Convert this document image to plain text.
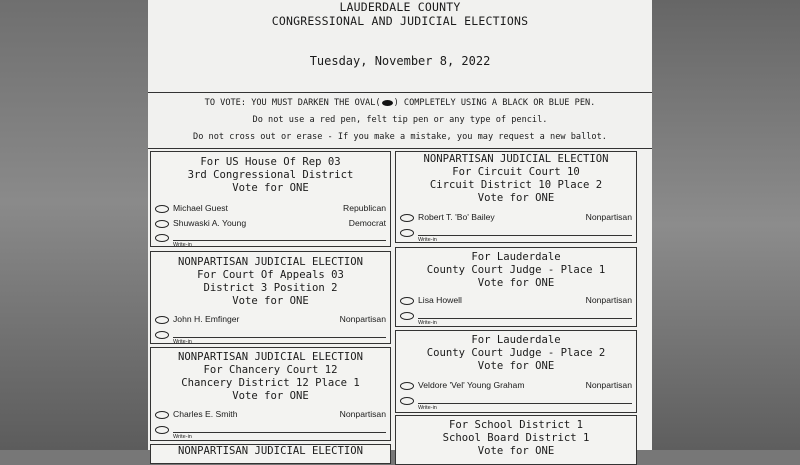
LAUDERDALE COUNTY
CONGRESSIONAL AND JUDICIAL ELECTIONS
Tuesday, November 8, 2022
TO VOTE: YOU MUST DARKEN THE OVAL( ) COMPLETELY USING A BLACK OR BLUE PEN.
Do not use a red pen, felt tip pen or any type of pencil.
Do not cross out or erase - If you make a mistake, you may request a new ballot.
For US House Of Rep 03
3rd Congressional District
Vote for ONE
Michael Guest	Republican
Shuwaski A. Young	Democrat
Write-in
NONPARTISAN JUDICIAL ELECTION
For Court Of Appeals 03
District 3 Position 2
Vote for ONE
John H. Emfinger	Nonpartisan
Write-in
NONPARTISAN JUDICIAL ELECTION
For Chancery Court 12
Chancery District 12 Place 1
Vote for ONE
Charles E. Smith	Nonpartisan
Write-in
NONPARTISAN JUDICIAL ELECTION
NONPARTISAN JUDICIAL ELECTION
For Circuit Court 10
Circuit District 10 Place 2
Vote for ONE
Robert T. 'Bo' Bailey	Nonpartisan
Write-in
For Lauderdale
County Court Judge - Place 1
Vote for ONE
Lisa Howell	Nonpartisan
Write-in
For Lauderdale
County Court Judge - Place 2
Vote for ONE
Veldore 'Vel' Young Graham	Nonpartisan
Write-in
For School District 1
School Board District 1
Vote for ONE
